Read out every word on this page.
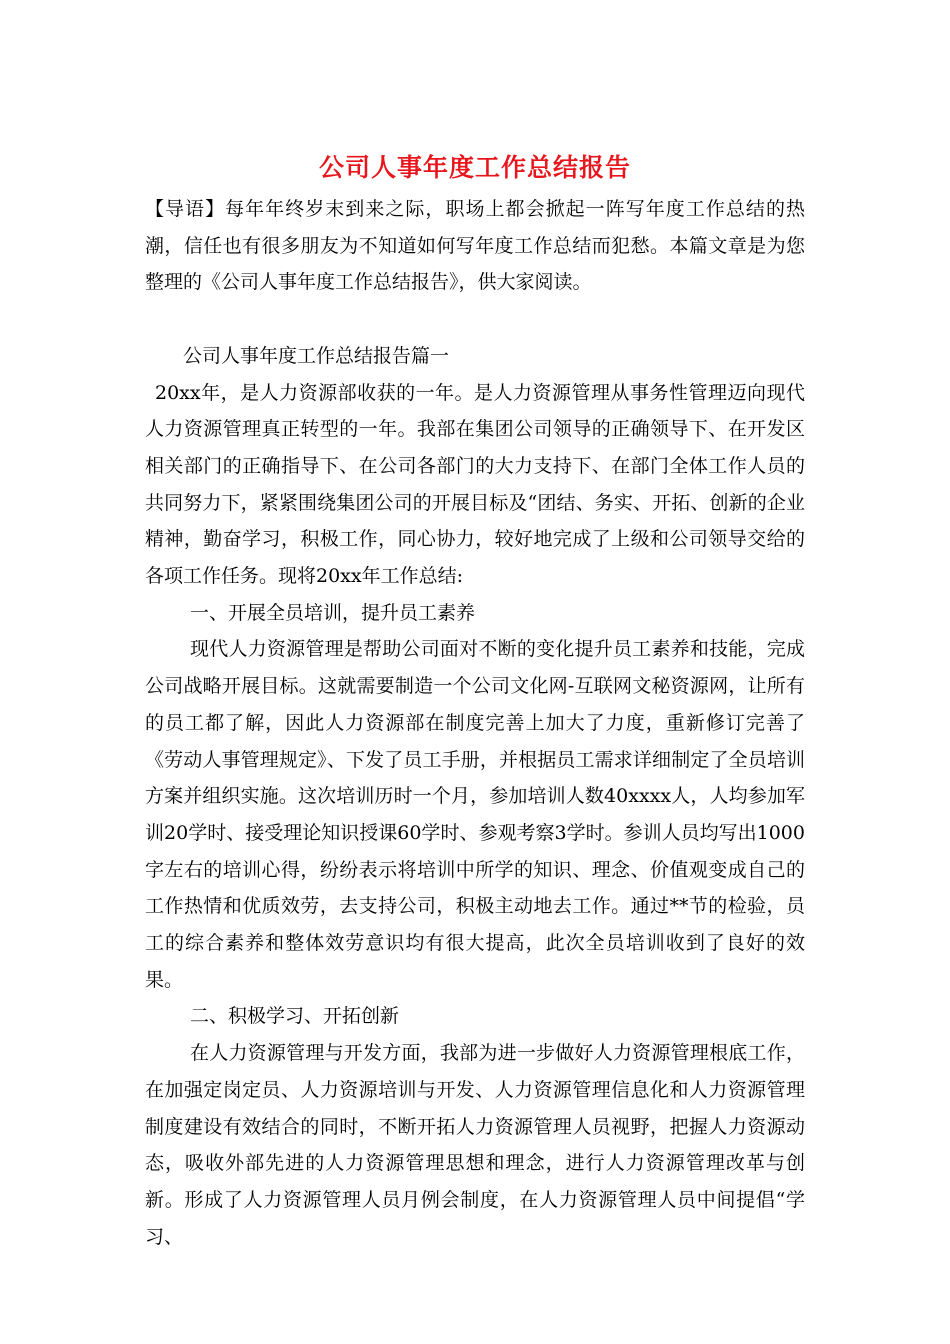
公司人事年度工作总结报告

【导语】每年年终岁末到来之际，职场上都会掀起一阵写年度工作总结的热潮，信任也有很多朋友为不知道如何写年度工作总结而犯愁。本篇文章是为您整理的《公司人事年度工作总结报告》，供大家阅读。

公司人事年度工作总结报告篇一

20xx年，是人力资源部收获的一年。是人力资源管理从事务性管理迈向现代人力资源管理真正转型的一年。我部在集团公司领导的正确领导下、在开发区相关部门的正确指导下、在公司各部门的大力支持下、在部门全体工作人员的共同努力下，紧紧围绕集团公司的开展目标及“团结、务实、开拓、创新的企业精神，勤奋学习，积极工作，同心协力，较好地完成了上级和公司领导交给的各项工作任务。现将20xx年工作总结:

一、开展全员培训，提升员工素养

现代人力资源管理是帮助公司面对不断的变化提升员工素养和技能，完成公司战略开展目标。这就需要制造一个公司文化网-互联网文秘资源网，让所有的员工都了解，因此人力资源部在制度完善上加大了力度，重新修订完善了《劳动人事管理规定》、下发了员工手册，并根据员工需求详细制定了全员培训方案并组织实施。这次培训历时一个月，参加培训人数40xxxx人，人均参加军训20学时、接受理论知识授课60学时、参观考察3学时。参训人员均写出1000字左右的培训心得，纷纷表示将培训中所学的知识、理念、价值观变成自己的工作热情和优质效劳，去支持公司，积极主动地去工作。通过**节的检验，员工的综合素养和整体效劳意识均有很大提高，此次全员培训收到了良好的效果。

二、积极学习、开拓创新

在人力资源管理与开发方面，我部为进一步做好人力资源管理根底工作，在加强定岗定员、人力资源培训与开发、人力资源管理信息化和人力资源管理制度建设有效结合的同时，不断开拓人力资源管理人员视野，把握人力资源动态，吸收外部先进的人力资源管理思想和理念，进行人力资源管理改革与创新。形成了人力资源管理人员月例会制度，在人力资源管理人员中间提倡“学习、
